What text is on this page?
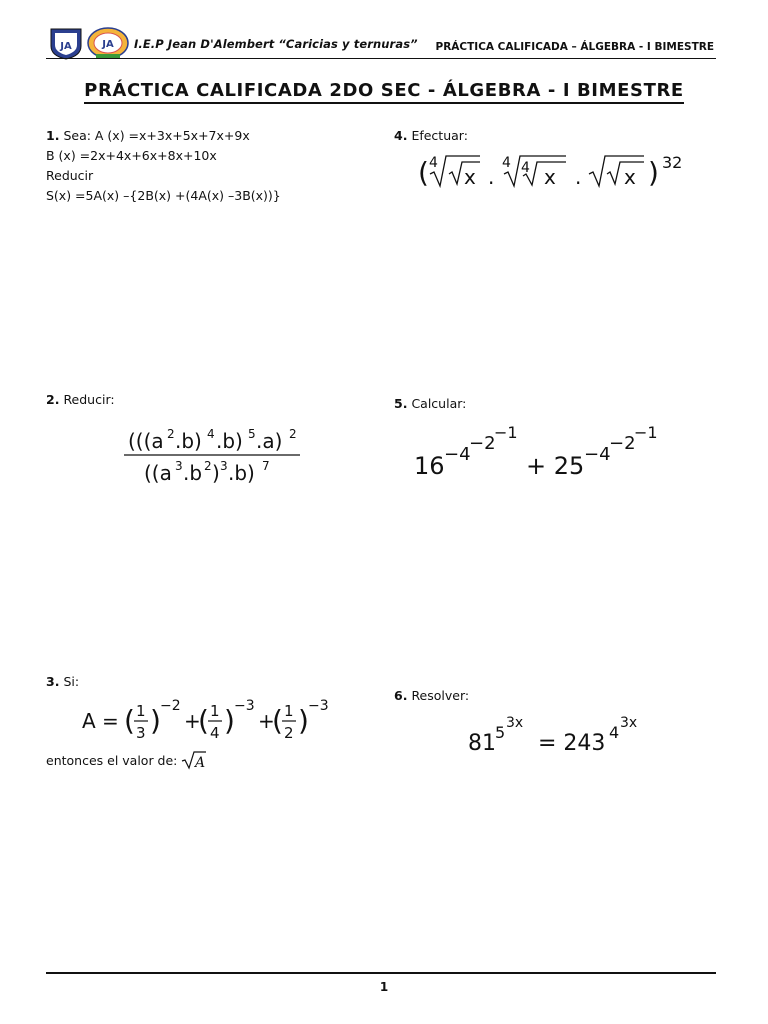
JA	JA I.E.P Jean D'Alembert “Caricias y ternuras” PRÁCTICA CALIFICADA – ÁLGEBRA - I BIMESTRE
PRÁCTICA CALIFICADA 2DO SEC - ÁLGEBRA - I BIMESTRE
1. Sea: A (x) =x+3x+5x+7x+9x
B (x) =2x+4x+6x+8x+10x
Reducir
S(x) =5A(x) –{2B(x) +(4A(x) –3B(x))}
4. Efectuar:
( 4
x .
4 4 x . x ) 32
2. Reducir:
(((a 2 .b) 4 .b) 5 .a) 2
((a 3 .b 2 ) 3 .b) 7
5. Calcular:
16 −4
−2
−1
+ 25 −4
−2
−1
3. Si:
A = ( 1
3 ) −2
+
( 1
4 ) −3
+
( 1
2 ) −3
entonces el valor de: A
6. Resolver:
81 5 3x
= 243 4 3x
1
